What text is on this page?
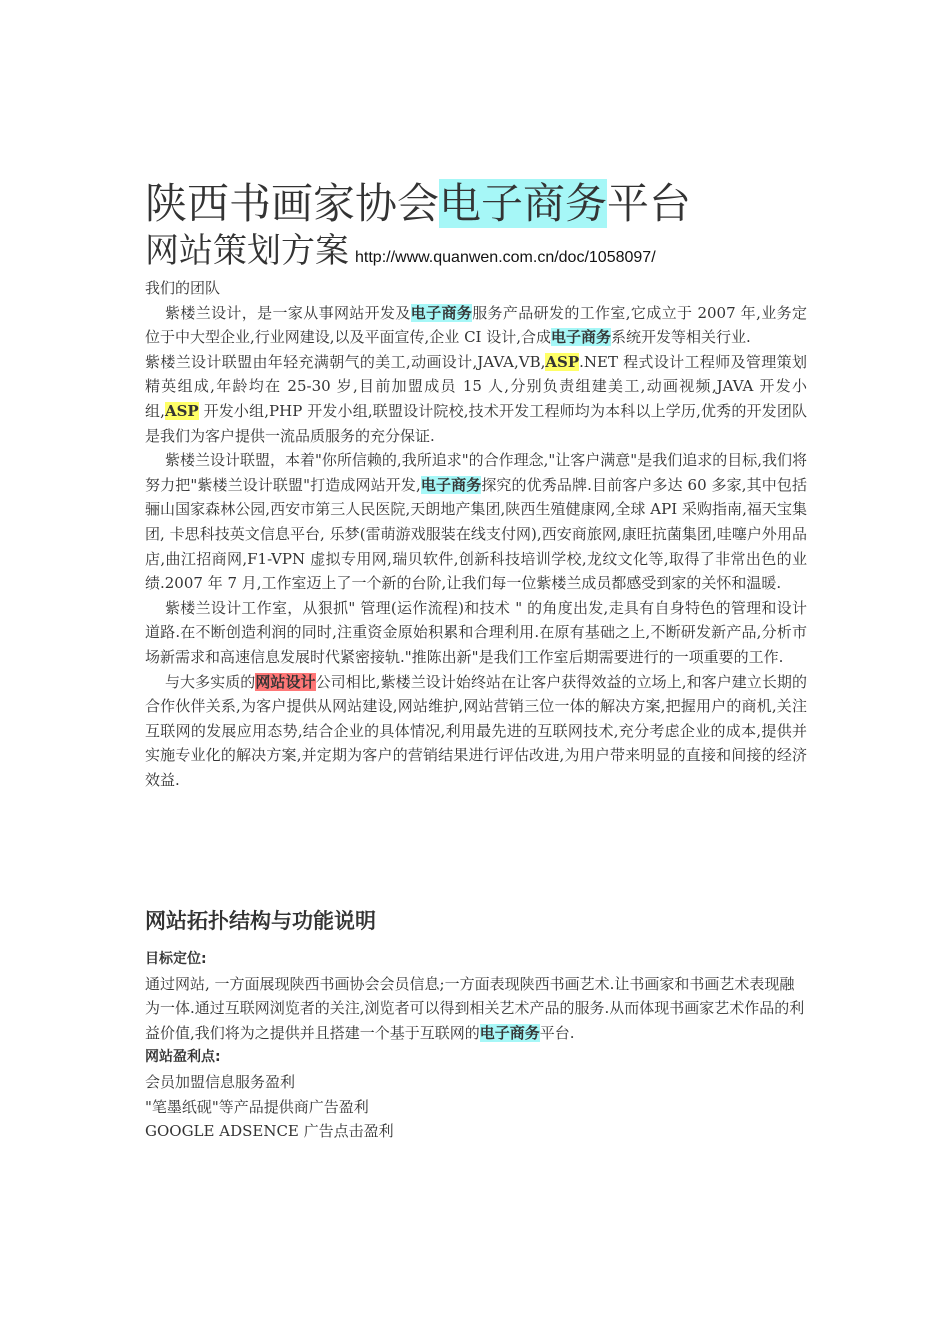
陕西书画家协会电子商务平台
网站策划方案 http://www.quanwen.com.cn/doc/1058097/

我们的团队

紫楼兰设计，是一家从事网站开发及电子商务服务产品研发的工作室,它成立于 2007 年,业务定位于中大型企业,行业网建设,以及平面宣传,企业 CI 设计,合成电子商务系统开发等相关行业.

紫楼兰设计联盟由年轻充满朝气的美工,动画设计,JAVA,VB,ASP.NET 程式设计工程师及管理策划精英组成,年龄均在 25-30 岁,目前加盟成员 15 人,分别负责组建美工,动画视频,JAVA 开发小组,ASP 开发小组,PHP 开发小组,联盟设计院校,技术开发工程师均为本科以上学历,优秀的开发团队是我们为客户提供一流品质服务的充分保证.

紫楼兰设计联盟，本着"你所信赖的,我所追求"的合作理念,"让客户满意"是我们追求的目标,我们将努力把"紫楼兰设计联盟"打造成网站开发,电子商务探究的优秀品牌.目前客户多达 60 多家,其中包括骊山国家森林公园,西安市第三人民医院,天朗地产集团,陕西生殖健康网,全球 API 采购指南,福天宝集团, 卡思科技英文信息平台, 乐梦(雷萌游戏服装在线支付网),西安商旅网,康旺抗菌集团,哇噻户外用品店,曲江招商网,F1-VPN 虚拟专用网,瑞贝软件,创新科技培训学校,龙纹文化等,取得了非常出色的业绩.2007 年 7 月,工作室迈上了一个新的台阶,让我们每一位紫楼兰成员都感受到家的关怀和温暖.

紫楼兰设计工作室，从狠抓" 管理(运作流程)和技术 " 的角度出发,走具有自身特色的管理和设计道路.在不断创造利润的同时,注重资金原始积累和合理利用.在原有基础之上,不断研发新产品,分析市场新需求和高速信息发展时代紧密接轨."推陈出新"是我们工作室后期需要进行的一项重要的工作.

与大多实质的网站设计公司相比,紫楼兰设计始终站在让客户获得效益的立场上,和客户建立长期的合作伙伴关系,为客户提供从网站建设,网站维护,网站营销三位一体的解决方案,把握用户的商机,关注互联网的发展应用态势,结合企业的具体情况,利用最先进的互联网技术,充分考虑企业的成本,提供并实施专业化的解决方案,并定期为客户的营销结果进行评估改进,为用户带来明显的直接和间接的经济效益.

网站拓扑结构与功能说明

目标定位:

通过网站, 一方面展现陕西书画协会会员信息;一方面表现陕西书画艺术.让书画家和书画艺术表现融为一体.通过互联网浏览者的关注,浏览者可以得到相关艺术产品的服务.从而体现书画家艺术作品的利益价值,我们将为之提供并且搭建一个基于互联网的电子商务平台.

网站盈利点:

会员加盟信息服务盈利

"笔墨纸砚"等产品提供商广告盈利

GOOGLE ADSENCE 广告点击盈利
